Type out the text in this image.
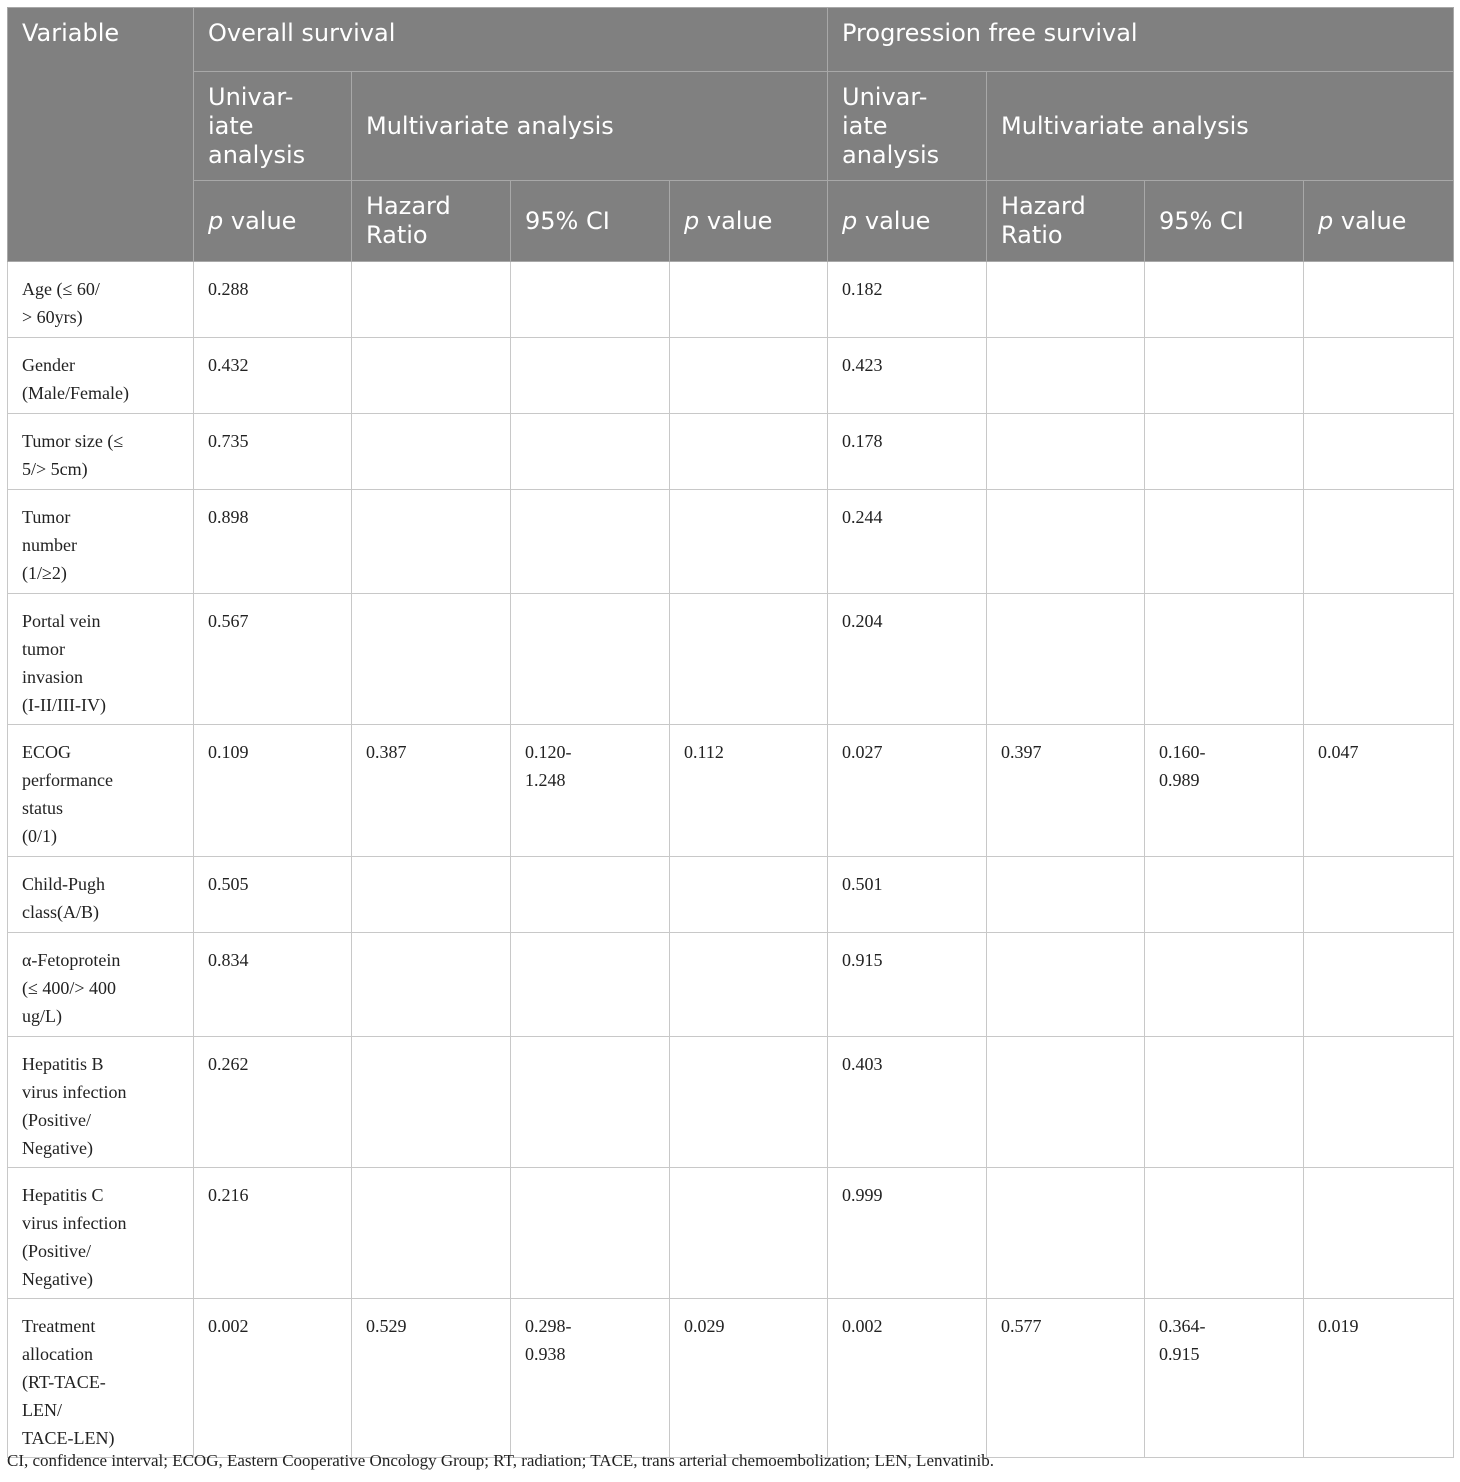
Variable	Overall survival				Progression free survival			
	Univar-
iate
analysis	Multivariate analysis			Univar-
iate
analysis	Multivariate analysis		
	p value	Hazard
Ratio	95% CI	p value	p value	Hazard
Ratio	95% CI	p value
Age (≤ 60/
> 60yrs)	0.288				0.182			
Gender
(Male/Female)	0.432				0.423			
Tumor size (≤
5/> 5cm)	0.735				0.178			
Tumor
number
(1/≥2)	0.898				0.244			
Portal vein
tumor
invasion
(I-II/III-IV)	0.567				0.204			
ECOG
performance
status
(0/1)	0.109	0.387	0.120-
1.248	0.112	0.027	0.397	0.160-
0.989	0.047
Child-Pugh
class(A/B)	0.505				0.501			
α-Fetoprotein
(≤ 400/> 400
ug/L)	0.834				0.915			
Hepatitis B
virus infection
(Positive/
Negative)	0.262				0.403			
Hepatitis C
virus infection
(Positive/
Negative)	0.216				0.999			
Treatment
allocation
(RT-TACE-
LEN/
TACE-LEN)	0.002	0.529	0.298-
0.938	0.029	0.002	0.577	0.364-
0.915	0.019
CI, confidence interval; ECOG, Eastern Cooperative Oncology Group; RT, radiation; TACE, trans arterial chemoembolization; LEN, Lenvatinib.
